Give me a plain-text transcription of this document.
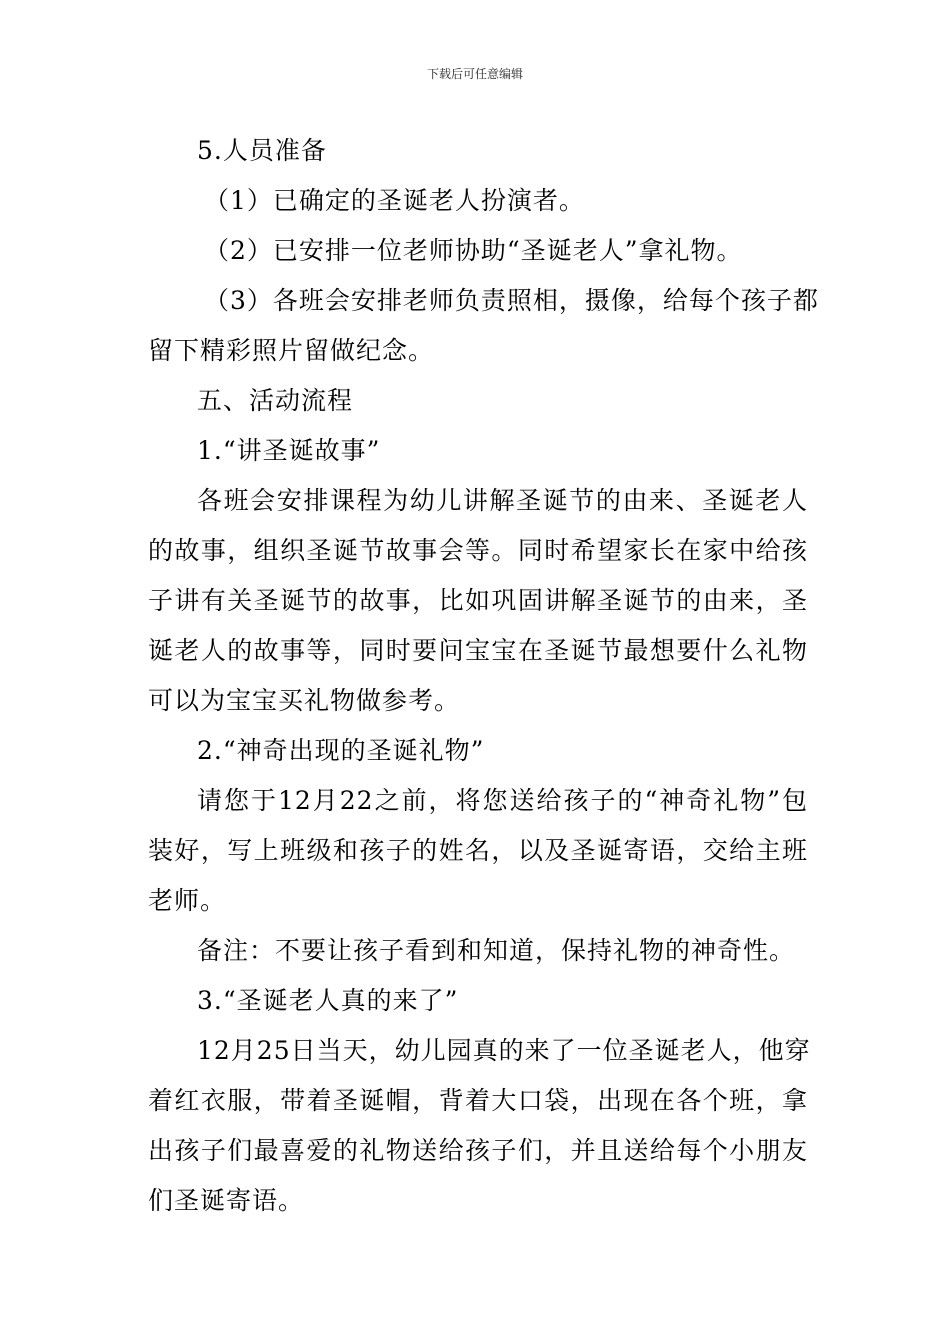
下载后可任意编辑
5.人员准备
（1）已确定的圣诞老人扮演者。
（2）已安排一位老师协助“圣诞老人”拿礼物。
（3）各班会安排老师负责照相，摄像，给每个孩子都
留下精彩照片留做纪念。
五、活动流程
1.“讲圣诞故事”
各班会安排课程为幼儿讲解圣诞节的由来、圣诞老人
的故事，组织圣诞节故事会等。同时希望家长在家中给孩
子讲有关圣诞节的故事，比如巩固讲解圣诞节的由来，圣
诞老人的故事等，同时要问宝宝在圣诞节最想要什么礼物
可以为宝宝买礼物做参考。
2.“神奇出现的圣诞礼物”
请您于12月22之前，将您送给孩子的“神奇礼物”包
装好，写上班级和孩子的姓名，以及圣诞寄语，交给主班
老师。
备注：不要让孩子看到和知道，保持礼物的神奇性。
3.“圣诞老人真的来了”
12月25日当天，幼儿园真的来了一位圣诞老人，他穿
着红衣服，带着圣诞帽，背着大口袋，出现在各个班，拿
出孩子们最喜爱的礼物送给孩子们，并且送给每个小朋友
们圣诞寄语。
